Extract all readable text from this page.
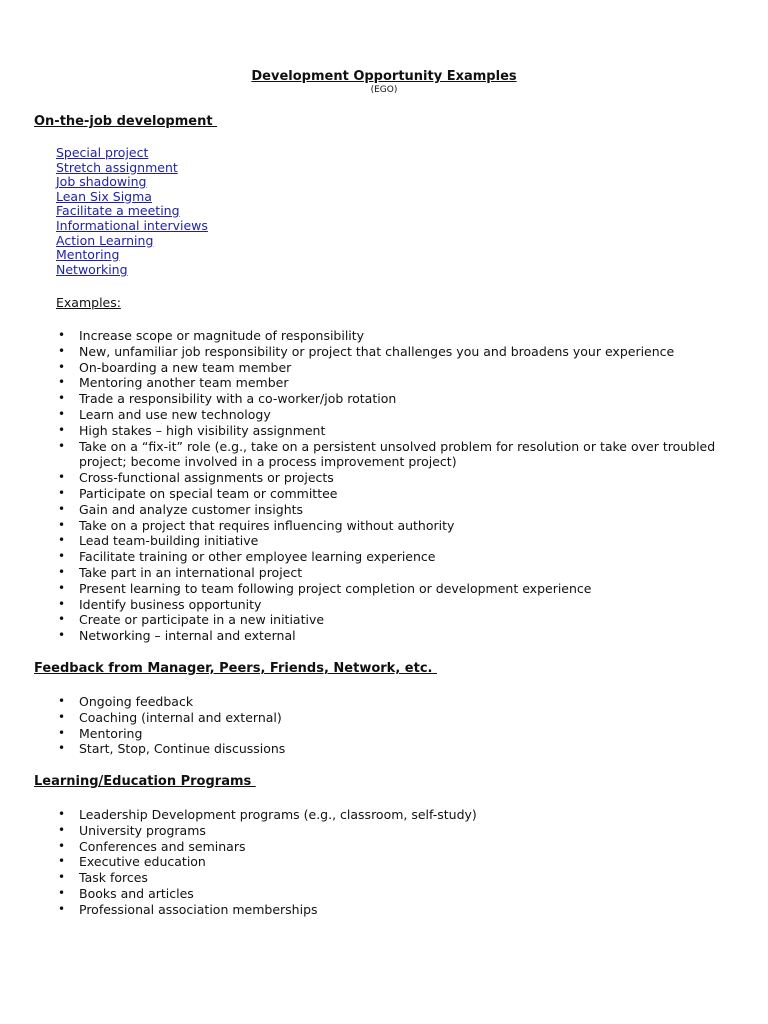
Development Opportunity Examples
(EGO)
On-the-job development
Special project
Stretch assignment
Job shadowing
Lean Six Sigma
Facilitate a meeting
Informational interviews
Action Learning
Mentoring
Networking
Examples:
• Increase scope or magnitude of responsibility
• New, unfamiliar job responsibility or project that challenges you and broadens your experience
• On-boarding a new team member
• Mentoring another team member
• Trade a responsibility with a co-worker/job rotation
• Learn and use new technology
• High stakes – high visibility assignment
• Take on a “fix-it” role (e.g., take on a persistent unsolved problem for resolution or take over troubled project; become involved in a process improvement project)
• Cross-functional assignments or projects
• Participate on special team or committee
• Gain and analyze customer insights
• Take on a project that requires influencing without authority
• Lead team-building initiative
• Facilitate training or other employee learning experience
• Take part in an international project
• Present learning to team following project completion or development experience
• Identify business opportunity
• Create or participate in a new initiative
• Networking – internal and external
Feedback from Manager, Peers, Friends, Network, etc.
• Ongoing feedback
• Coaching (internal and external)
• Mentoring
• Start, Stop, Continue discussions
Learning/Education Programs
• Leadership Development programs (e.g., classroom, self-study)
• University programs
• Conferences and seminars
• Executive education
• Task forces
• Books and articles
• Professional association memberships
